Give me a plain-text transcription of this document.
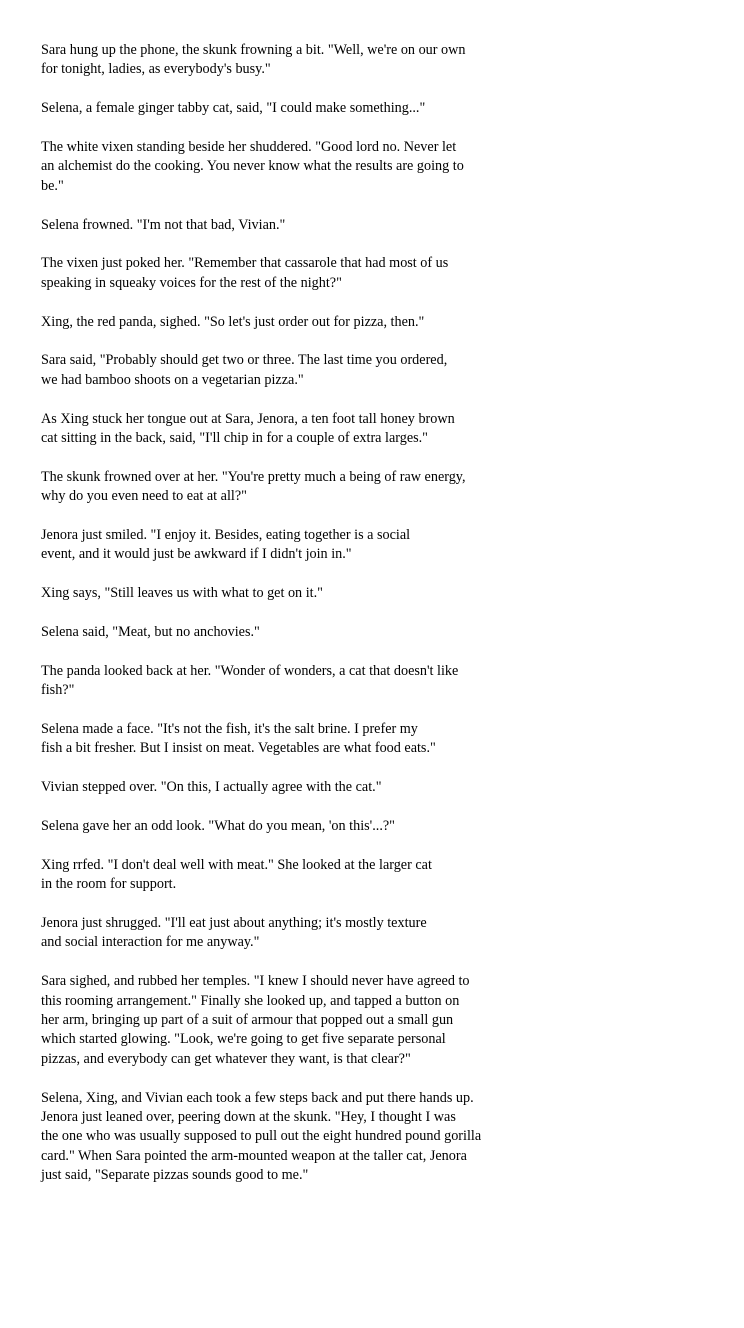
Sara hung up the phone, the skunk frowning a bit. "Well, we're on our own
for tonight, ladies, as everybody's busy."
Selena, a female ginger tabby cat, said, "I could make something..."
The white vixen standing beside her shuddered. "Good lord no. Never let
an alchemist do the cooking. You never know what the results are going to
be."
Selena frowned. "I'm not that bad, Vivian."
The vixen just poked her. "Remember that cassarole that had most of us
speaking in squeaky voices for the rest of the night?"
Xing, the red panda, sighed. "So let's just order out for pizza, then."
Sara said, "Probably should get two or three. The last time you ordered,
we had bamboo shoots on a vegetarian pizza."
As Xing stuck her tongue out at Sara, Jenora, a ten foot tall honey brown
cat sitting in the back, said, "I'll chip in for a couple of extra larges."
The skunk frowned over at her. "You're pretty much a being of raw energy,
why do you even need to eat at all?"
Jenora just smiled. "I enjoy it. Besides, eating together is a social
event, and it would just be awkward if I didn't join in."
Xing says, "Still leaves us with what to get on it."
Selena said, "Meat, but no anchovies."
The panda looked back at her. "Wonder of wonders, a cat that doesn't like
fish?"
Selena made a face. "It's not the fish, it's the salt brine. I prefer my
fish a bit fresher. But I insist on meat. Vegetables are what food eats."
Vivian stepped over. "On this, I actually agree with the cat."
Selena gave her an odd look. "What do you mean, 'on this'...?"
Xing rrfed. "I don't deal well with meat." She looked at the larger cat
in the room for support.
Jenora just shrugged. "I'll eat just about anything; it's mostly texture
and social interaction for me anyway."
Sara sighed, and rubbed her temples. "I knew I should never have agreed to
this rooming arrangement." Finally she looked up, and tapped a button on
her arm, bringing up part of a suit of armour that popped out a small gun
which started glowing. "Look, we're going to get five separate personal
pizzas, and everybody can get whatever they want, is that clear?"
Selena, Xing, and Vivian each took a few steps back and put there hands up.
Jenora just leaned over, peering down at the skunk. "Hey, I thought I was
the one who was usually supposed to pull out the eight hundred pound gorilla
card." When Sara pointed the arm-mounted weapon at the taller cat, Jenora
just said, "Separate pizzas sounds good to me."
